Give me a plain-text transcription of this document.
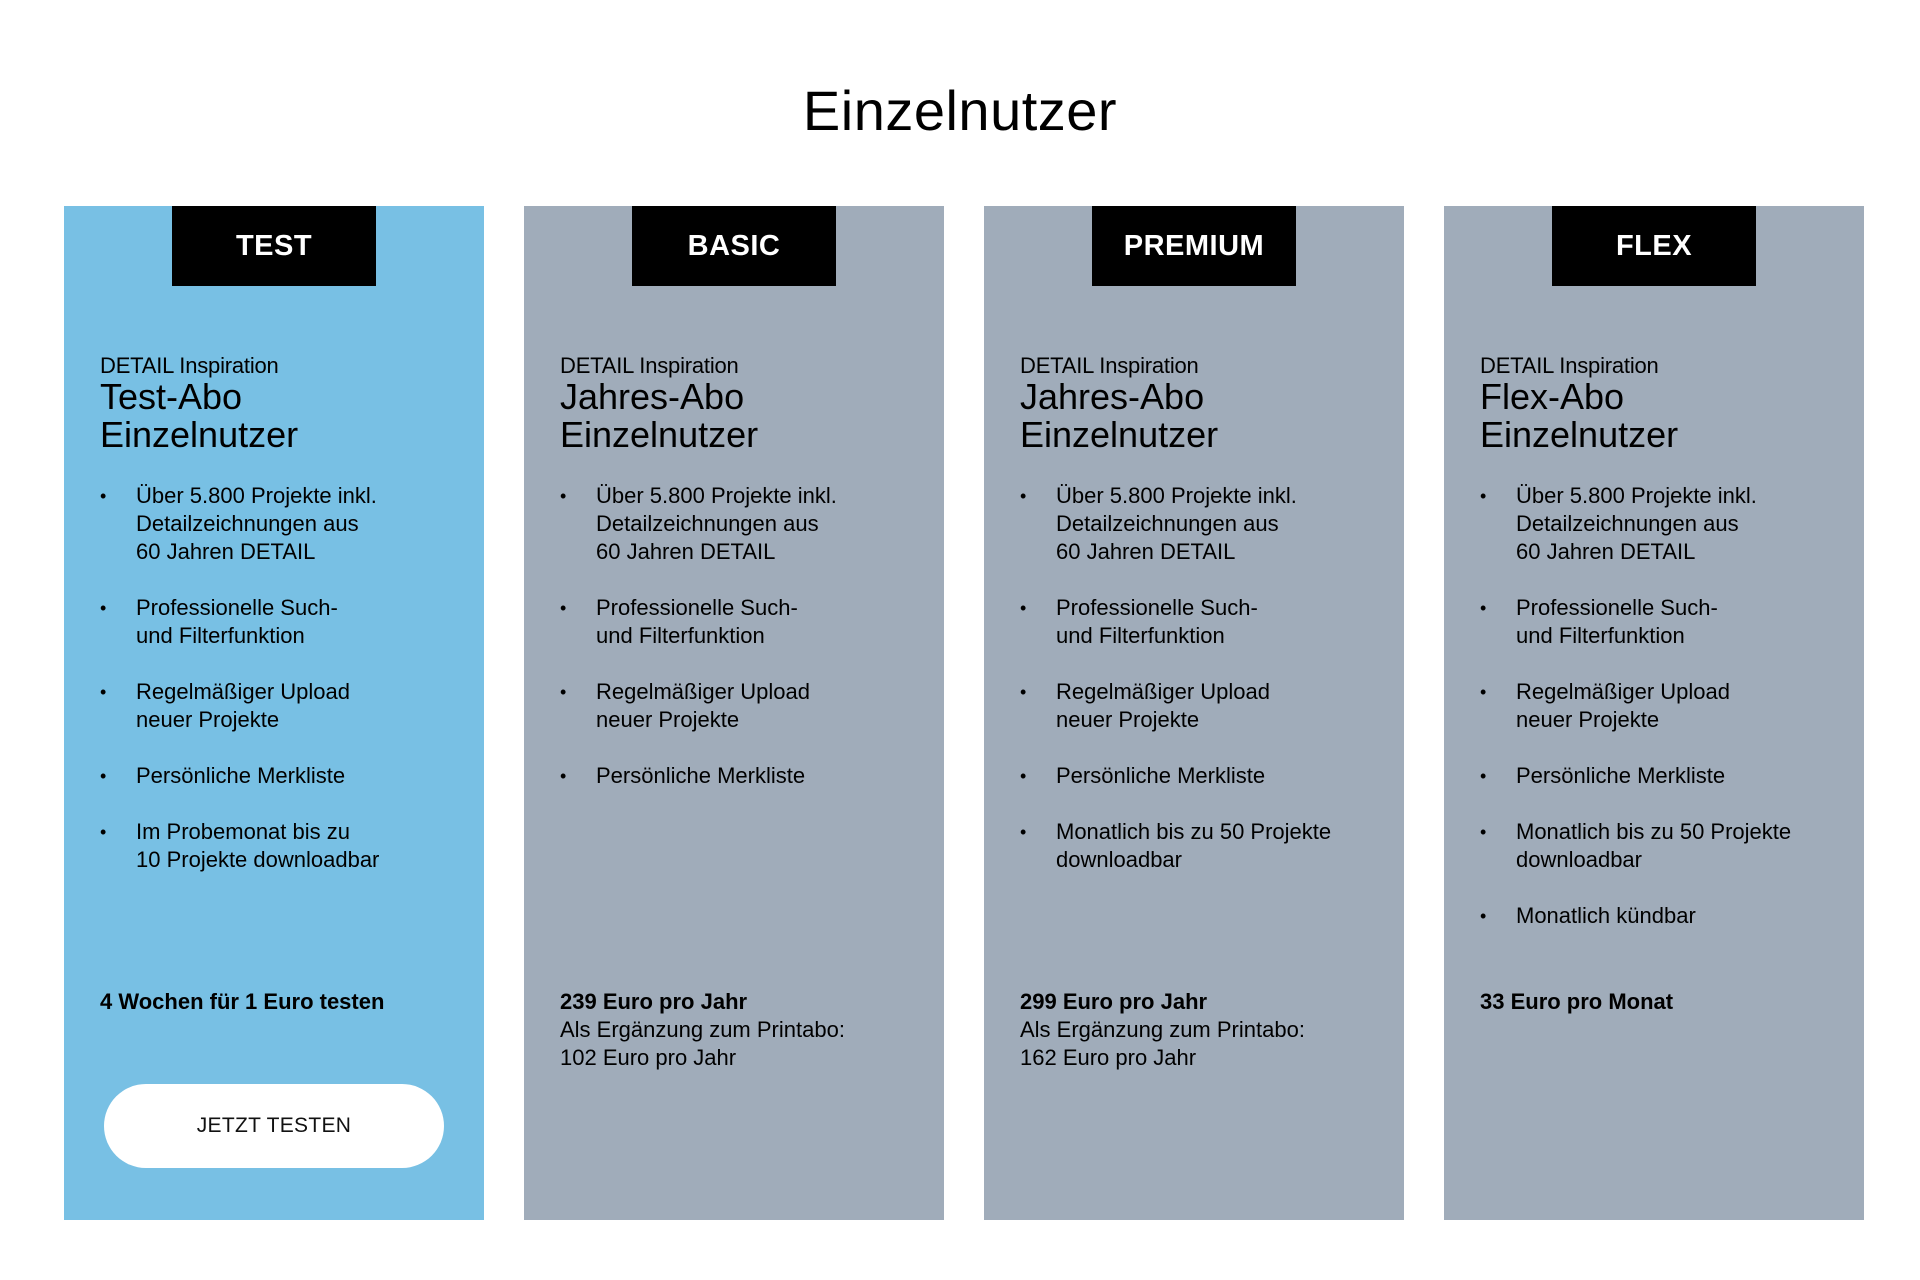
Einzelnutzer
TEST
DETAIL Inspiration
Test-Abo
Einzelnutzer
• Über 5.800 Projekte inkl.
Detailzeichnungen aus
60 Jahren DETAIL
• Professionelle Such-
und Filterfunktion
• Regelmäßiger Upload
neuer Projekte
• Persönliche Merkliste
• Im Probemonat bis zu
10 Projekte downloadbar
4 Wochen für 1 Euro testen
JETZT TESTEN
BASIC
DETAIL Inspiration
Jahres-Abo
Einzelnutzer
• Über 5.800 Projekte inkl.
Detailzeichnungen aus
60 Jahren DETAIL
• Professionelle Such-
und Filterfunktion
• Regelmäßiger Upload
neuer Projekte
• Persönliche Merkliste
239 Euro pro Jahr
Als Ergänzung zum Printabo:
102 Euro pro Jahr
PREMIUM
DETAIL Inspiration
Jahres-Abo
Einzelnutzer
• Über 5.800 Projekte inkl.
Detailzeichnungen aus
60 Jahren DETAIL
• Professionelle Such-
und Filterfunktion
• Regelmäßiger Upload
neuer Projekte
• Persönliche Merkliste
• Monatlich bis zu 50 Projekte
downloadbar
299 Euro pro Jahr
Als Ergänzung zum Printabo:
162 Euro pro Jahr
FLEX
DETAIL Inspiration
Flex-Abo
Einzelnutzer
• Über 5.800 Projekte inkl.
Detailzeichnungen aus
60 Jahren DETAIL
• Professionelle Such-
und Filterfunktion
• Regelmäßiger Upload
neuer Projekte
• Persönliche Merkliste
• Monatlich bis zu 50 Projekte
downloadbar
• Monatlich kündbar
33 Euro pro Monat
